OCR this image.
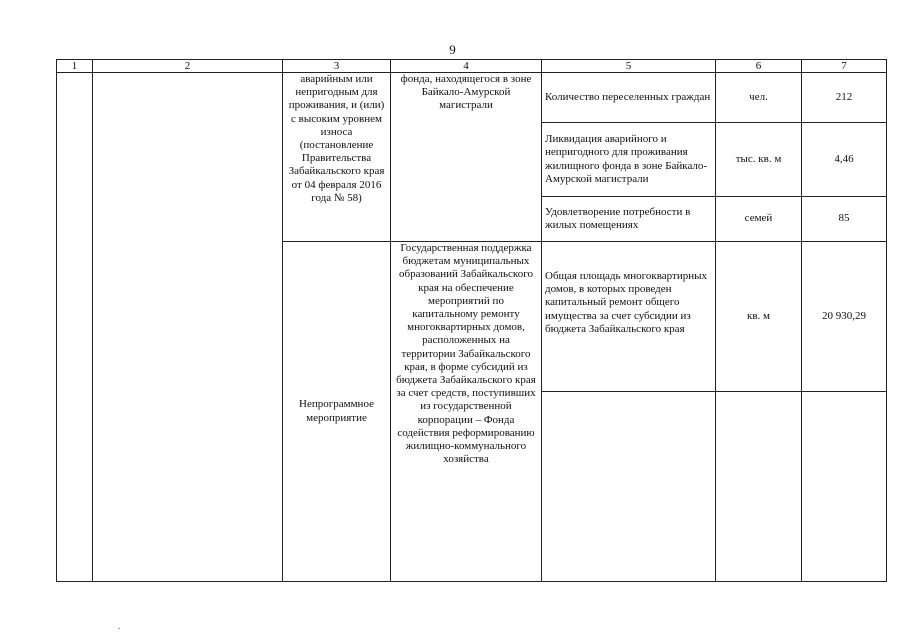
9
1	2	3	4	5	6	7
		аварийным или непригодным для проживания, и (или) с высоким уровнем износа (постановление Правительства Забайкальского края от 04 февраля 2016 года № 58)	фонда, находящегося в зоне Байкало-Амурской магистрали	Количество переселенных граждан	чел.	212
				Ликвидация аварийного и непригодного для проживания жилищного фонда в зоне Байкало-Амурской магистрали	тыс. кв. м	4,46
				Удовлетворение потребности в жилых помещениях	семей	85
		Непрограммное мероприятие	Государственная поддержка бюджетам муниципальных образований Забайкальского края на обеспечение мероприятий по капитальному ремонту многоквартирных домов, расположенных на территории Забайкальского края, в форме субсидий из бюджета Забайкальского края за счет средств, поступивших из государственной корпорации – Фонда содействия реформированию жилищно-коммунального хозяйства	Общая площадь многоквартирных домов, в которых проведен капитальный ремонт общего имущества за счет субсидии из бюджета Забайкальского края	кв. м	20 930,29
